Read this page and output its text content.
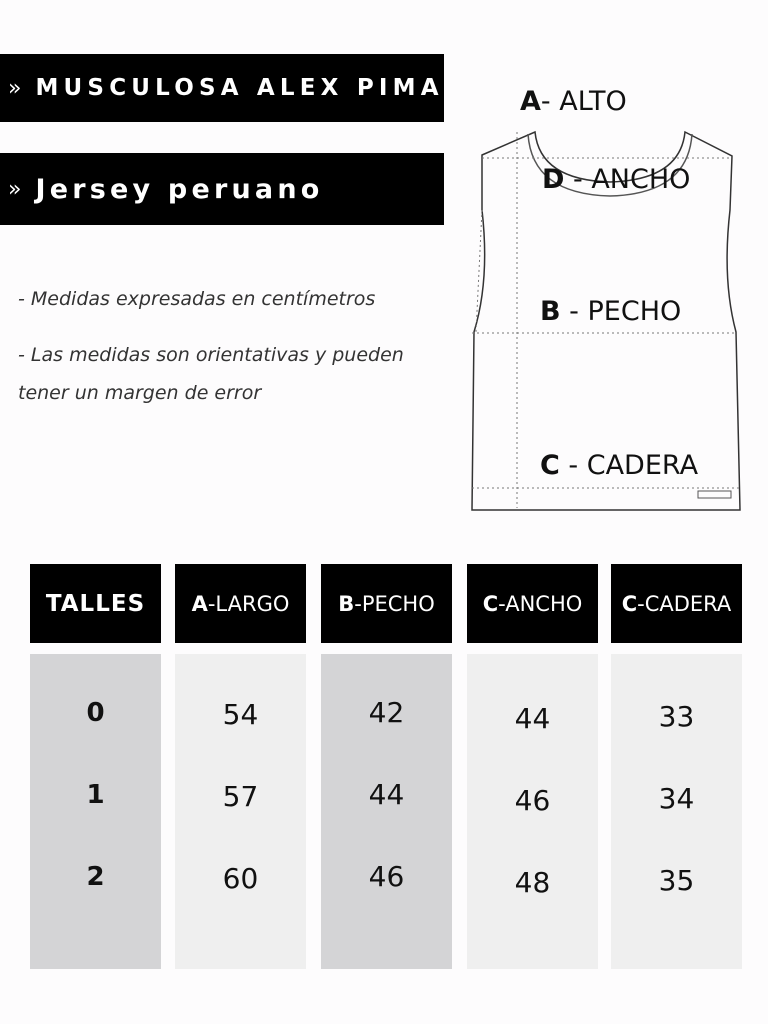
» MUSCULOSA ALEX PIMA
» Jersey peruano
- Medidas expresadas en centímetros
- Las medidas son orientativas y pueden tener un margen de error
A- ALTO
D - ANCHO
B - PECHO
C - CADERA
TALLES
0
1
2
A -LARGO
54
57
60
B -PECHO
42
44
46
C -ANCHO
44
46
48
C -CADERA
33
34
35
